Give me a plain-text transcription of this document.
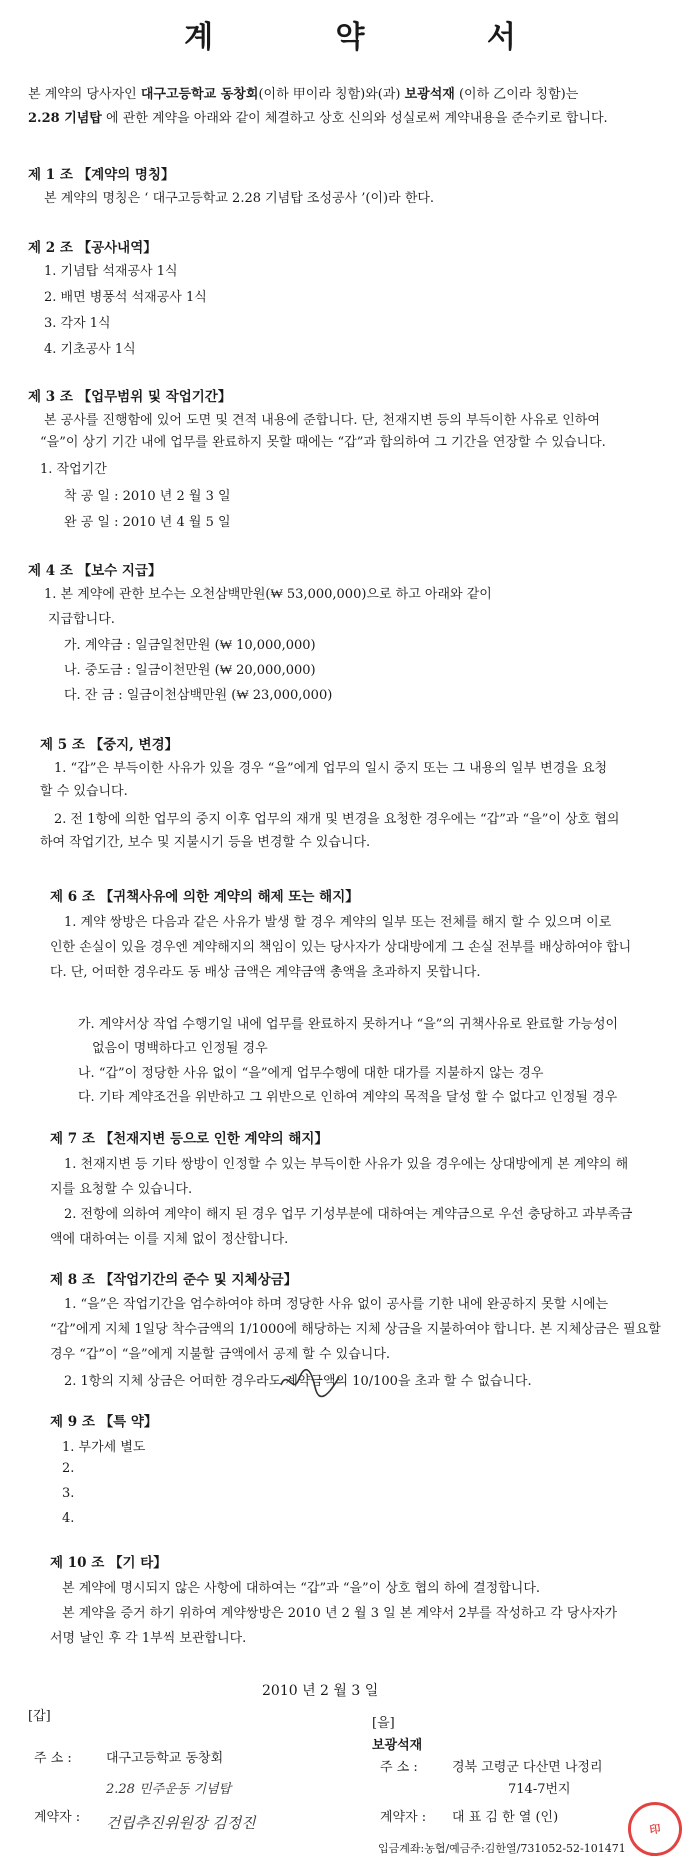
계 약 서
본 계약의 당사자인 대구고등학교 동창회(이하 甲이라 칭함)와(과) 보광석재 (이하 乙이라 칭함)는
2.28 기념탑 에 관한 계약을 아래와 같이 체결하고 상호 신의와 성실로써 계약내용을 준수키로 합니다.
제 1 조 【계약의 명칭】
본 계약의 명칭은 ‘ 대구고등학교 2.28 기념탑 조성공사 ’(이)라 한다.
제 2 조 【공사내역】
1. 기념탑 석재공사 1식
2. 배면 병풍석 석재공사 1식
3. 각자 1식
4. 기초공사 1식
제 3 조 【업무범위 및 작업기간】
본 공사를 진행함에 있어 도면 및 견적 내용에 준합니다. 단, 천재지변 등의 부득이한 사유로 인하여
“을”이 상기 기간 내에 업무를 완료하지 못할 때에는 “갑”과 합의하여 그 기간을 연장할 수 있습니다.
1. 작업기간
착 공 일 : 2010 년 2 월 3 일
완 공 일 : 2010 년 4 월 5 일
제 4 조 【보수 지급】
1. 본 계약에 관한 보수는 오천삼백만원(₩ 53,000,000)으로 하고 아래와 같이
지급합니다.
가. 계약금 : 일금일천만원 (₩ 10,000,000)
나. 중도금 : 일금이천만원 (₩ 20,000,000)
다. 잔 금 : 일금이천삼백만원 (₩ 23,000,000)
제 5 조 【중지, 변경】
1. “갑”은 부득이한 사유가 있을 경우 “을”에게 업무의 일시 중지 또는 그 내용의 일부 변경을 요청
할 수 있습니다.
2. 전 1항에 의한 업무의 중지 이후 업무의 재개 및 변경을 요청한 경우에는 “갑”과 “을”이 상호 협의
하여 작업기간, 보수 및 지불시기 등을 변경할 수 있습니다.
제 6 조 【귀책사유에 의한 계약의 해제 또는 해지】
1. 계약 쌍방은 다음과 같은 사유가 발생 할 경우 계약의 일부 또는 전체를 해지 할 수 있으며 이로
인한 손실이 있을 경우엔 계약해지의 책임이 있는 당사자가 상대방에게 그 손실 전부를 배상하여야 합니
다. 단, 어떠한 경우라도 동 배상 금액은 계약금액 총액을 초과하지 못합니다.
가. 계약서상 작업 수행기일 내에 업무를 완료하지 못하거나 “을”의 귀책사유로 완료할 가능성이
없음이 명백하다고 인정될 경우
나. “갑”이 정당한 사유 없이 “을”에게 업무수행에 대한 대가를 지불하지 않는 경우
다. 기타 계약조건을 위반하고 그 위반으로 인하여 계약의 목적을 달성 할 수 없다고 인정될 경우
제 7 조 【천재지변 등으로 인한 계약의 해지】
1. 천재지변 등 기타 쌍방이 인정할 수 있는 부득이한 사유가 있을 경우에는 상대방에게 본 계약의 해
지를 요청할 수 있습니다.
2. 전항에 의하여 계약이 해지 된 경우 업무 기성부분에 대하여는 계약금으로 우선 충당하고 과부족금
액에 대하여는 이를 지체 없이 정산합니다.
제 8 조 【작업기간의 준수 및 지체상금】
1. “을”은 작업기간을 엄수하여야 하며 정당한 사유 없이 공사를 기한 내에 완공하지 못할 시에는
“갑”에게 지체 1일당 착수금액의 1/1000에 해당하는 지체 상금을 지불하여야 합니다. 본 지체상금은 필요할
경우 “갑”이 “을”에게 지불할 금액에서 공제 할 수 있습니다.
2. 1항의 지체 상금은 어떠한 경우라도 계약금액의 10/100을 초과 할 수 없습니다.
제 9 조 【특 약】
1. 부가세 별도
2.
3.
4.
제 10 조 【기 타】
본 계약에 명시되지 않은 사항에 대하여는 “갑”과 “을”이 상호 협의 하에 결정합니다.
본 계약을 증거 하기 위하여 계약쌍방은 2010 년 2 월 3 일 본 계약서 2부를 작성하고 각 당사자가
서명 날인 후 각 1부씩 보관합니다.
2010 년 2 월 3 일
[갑]
주 소 :	대구고등학교 동창회
계약자 :
2.28 민주운동 기념탑
건립추진위원장 김정진
[을]
보광석재
주 소 :	경북 고령군 다산면 나정리
714-7번지
계약자 : 대 표 김 한 열 (인)
입금계좌:농협/예금주:김한열/731052-52-101471
印
